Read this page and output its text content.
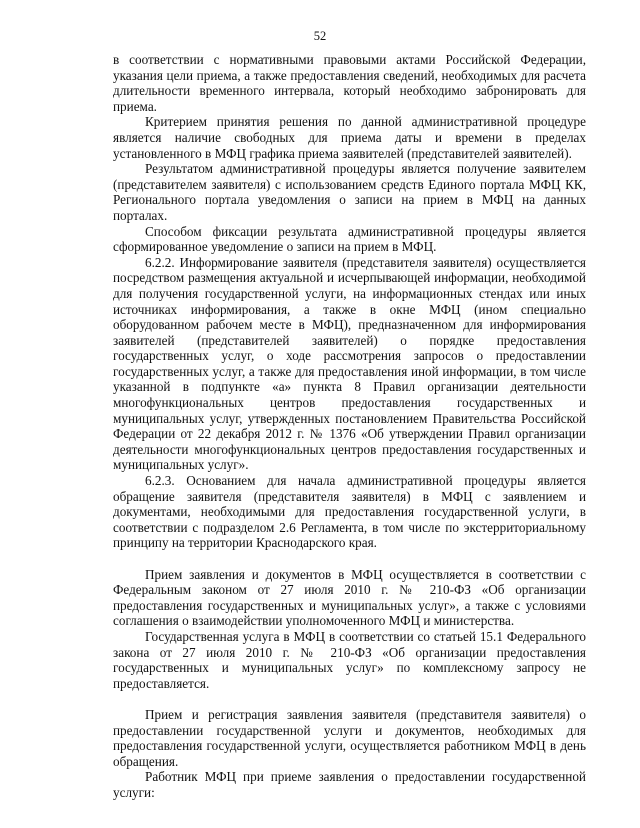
52

в соответствии с нормативными правовыми актами Российской Федерации, указания цели приема, а также предоставления сведений, необходимых для расчета длительности временного интервала, который необходимо забронировать для приема.

Критерием принятия решения по данной административной процедуре является наличие свободных для приема даты и времени в пределах установленного в МФЦ графика приема заявителей (представителей заявителей).

Результатом административной процедуры является получение заявителем (представителем заявителя) с использованием средств Единого портала МФЦ КК, Регионального портала уведомления о записи на прием в МФЦ на данных порталах.

Способом фиксации результата административной процедуры является сформированное уведомление о записи на прием в МФЦ.

6.2.2. Информирование заявителя (представителя заявителя) осуществляется посредством размещения актуальной и исчерпывающей информации, необходимой для получения государственной услуги, на информационных стендах или иных источниках информирования, а также в окне МФЦ (ином специально оборудованном рабочем месте в МФЦ), предназначенном для информирования заявителей (представителей заявителей) о порядке предоставления государственных услуг, о ходе рассмотрения запросов о предоставлении государственных услуг, а также для предоставления иной информации, в том числе указанной в подпункте «а» пункта 8 Правил организации деятельности многофункциональных центров предоставления государственных и муниципальных услуг, утвержденных постановлением Правительства Российской Федерации от 22 декабря 2012 г. № 1376 «Об утверждении Правил организации деятельности многофункциональных центров предоставления государственных и муниципальных услуг».

6.2.3. Основанием для начала административной процедуры является обращение заявителя (представителя заявителя) в МФЦ с заявлением и документами, необходимыми для предоставления государственной услуги, в соответствии с подразделом 2.6 Регламента, в том числе по экстерриториальному принципу на территории Краснодарского края.

Прием заявления и документов в МФЦ осуществляется в соответствии с Федеральным законом от 27 июля 2010 г. № 210-ФЗ «Об организации предоставления государственных и муниципальных услуг», а также с условиями соглашения о взаимодействии уполномоченного МФЦ и министерства.

Государственная услуга в МФЦ в соответствии со статьей 15.1 Федерального закона от 27 июля 2010 г. № 210-ФЗ «Об организации предоставления государственных и муниципальных услуг» по комплексному запросу не предоставляется.

Прием и регистрация заявления заявителя (представителя заявителя) о предоставлении государственной услуги и документов, необходимых для предоставления государственной услуги, осуществляется работником МФЦ в день обращения.

Работник МФЦ при приеме заявления о предоставлении государственной услуги:
